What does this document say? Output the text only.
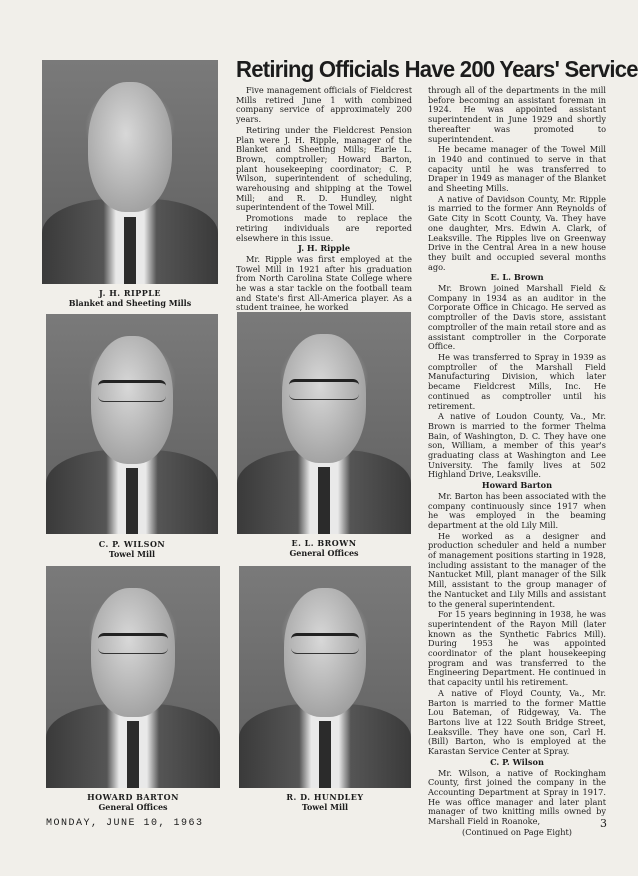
Retiring Officials Have 200 Years' Service
J. H. RIPPLE
Blanket and Sheeting Mills
C. P. WILSON
Towel Mill
E. L. BROWN
General Offices
HOWARD BARTON
General Offices
R. D. HUNDLEY
Towel Mill

Five management officials of Fieldcrest Mills retired June 1 with combined company service of approximately 200 years.

Retiring under the Fieldcrest Pension Plan were J. H. Ripple, manager of the Blanket and Sheeting Mills; Earle L. Brown, comptroller; Howard Barton, plant housekeeping coordinator; C. P. Wilson, superintendent of scheduling, warehousing and shipping at the Towel Mill; and R. D. Hundley, night superintendent of the Towel Mill.

Promotions made to replace the retiring individuals are reported elsewhere in this issue.

J. H. Ripple

Mr. Ripple was first employed at the Towel Mill in 1921 after his graduation from North Carolina State College where he was a star tackle on the football team and State's first All-America player. As a student trainee, he worked

through all of the departments in the mill before becoming an assistant foreman in 1924. He was appointed assistant superintendent in June 1929 and shortly thereafter was promoted to superintendent.

He became manager of the Towel Mill in 1940 and continued to serve in that capacity until he was transferred to Draper in 1949 as manager of the Blanket and Sheeting Mills.

A native of Davidson County, Mr. Ripple is married to the former Ann Reynolds of Gate City in Scott County, Va. They have one daughter, Mrs. Edwin A. Clark, of Leaksville. The Ripples live on Greenway Drive in the Central Area in a new house they built and occupied several months ago.

E. L. Brown

Mr. Brown joined Marshall Field & Company in 1934 as an auditor in the Corporate Office in Chicago. He served as comptroller of the Davis store, assistant comptroller of the main retail store and as assistant comptroller in the Corporate Office.

He was transferred to Spray in 1939 as comptroller of the Marshall Field Manufacturing Division, which later became Fieldcrest Mills, Inc. He continued as comptroller until his retirement.

A native of Loudon County, Va., Mr. Brown is married to the former Thelma Bain, of Washington, D. C. They have one son, William, a member of this year's graduating class at Washington and Lee University. The family lives at 502 Highland Drive, Leaksville.

Howard Barton

Mr. Barton has been associated with the company continuously since 1917 when he was employed in the beaming department at the old Lily Mill.

He worked as a designer and production scheduler and held a number of management positions starting in 1928, including assistant to the manager of the Nantucket Mill, plant manager of the Silk Mill, assistant to the group manager of the Nantucket and Lily Mills and assistant to the general superintendent.

For 15 years beginning in 1938, he was superintendent of the Rayon Mill (later known as the Synthetic Fabrics Mill). During 1953 he was appointed coordinator of the plant housekeeping program and was transferred to the Engineering Department. He continued in that capacity until his retirement.

A native of Floyd County, Va., Mr. Barton is married to the former Mattie Lou Bateman, of Ridgeway, Va. The Bartons live at 122 South Bridge Street, Leaksville. They have one son, Carl H. (Bill) Barton, who is employed at the Karastan Service Center at Spray.

C. P. Wilson

Mr. Wilson, a native of Rockingham County, first joined the company in the Accounting Department at Spray in 1917. He was office manager and later plant manager of two knitting mills owned by Marshall Field in Roanoke,

(Continued on Page Eight)

MONDAY, JUNE 10, 1963	3
